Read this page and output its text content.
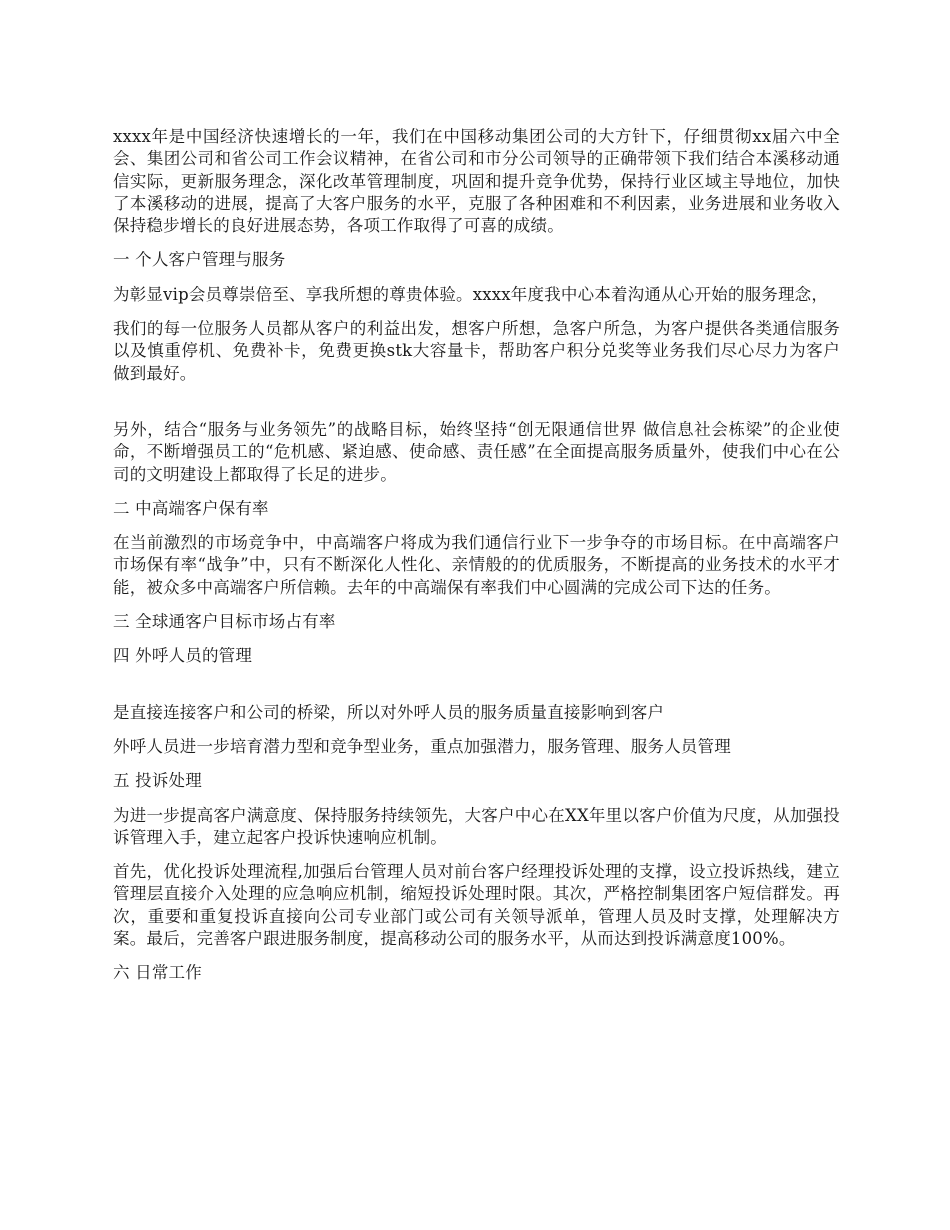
xxxx年是中国经济快速增长的一年，我们在中国移动集团公司的大方针下，仔细贯彻xx届六中全会、集团公司和省公司工作会议精神，在省公司和市分公司领导的正确带领下我们结合本溪移动通信实际，更新服务理念，深化改革管理制度，巩固和提升竞争优势，保持行业区域主导地位，加快了本溪移动的进展，提高了大客户服务的水平，克服了各种困难和不利因素，业务进展和业务收入保持稳步增长的良好进展态势，各项工作取得了可喜的成绩。

一 个人客户管理与服务

为彰显vip会员尊崇倍至、享我所想的尊贵体验。xxxx年度我中心本着沟通从心开始的服务理念，

我们的每一位服务人员都从客户的利益出发，想客户所想，急客户所急，为客户提供各类通信服务以及慎重停机、免费补卡，免费更换stk大容量卡，帮助客户积分兑奖等业务我们尽心尽力为客户做到最好。

另外，结合“服务与业务领先”的战略目标，始终坚持“创无限通信世界 做信息社会栋梁”的企业使命，不断增强员工的“危机感、紧迫感、使命感、责任感”在全面提高服务质量外，使我们中心在公司的文明建设上都取得了长足的进步。

二 中高端客户保有率

在当前激烈的市场竞争中，中高端客户将成为我们通信行业下一步争夺的市场目标。在中高端客户市场保有率“战争”中，只有不断深化人性化、亲情般的的优质服务，不断提高的业务技术的水平才能，被众多中高端客户所信赖。去年的中高端保有率我们中心圆满的完成公司下达的任务。

三 全球通客户目标市场占有率

四 外呼人员的管理

是直接连接客户和公司的桥梁，所以对外呼人员的服务质量直接影响到客户

外呼人员进一步培育潜力型和竞争型业务，重点加强潜力，服务管理、服务人员管理

五 投诉处理

为进一步提高客户满意度、保持服务持续领先，大客户中心在XX年里以客户价值为尺度，从加强投诉管理入手，建立起客户投诉快速响应机制。

首先，优化投诉处理流程,加强后台管理人员对前台客户经理投诉处理的支撑，设立投诉热线，建立管理层直接介入处理的应急响应机制，缩短投诉处理时限。其次，严格控制集团客户短信群发。再次，重要和重复投诉直接向公司专业部门或公司有关领导派单，管理人员及时支撑，处理解决方案。最后，完善客户跟进服务制度，提高移动公司的服务水平，从而达到投诉满意度100%。

六 日常工作
